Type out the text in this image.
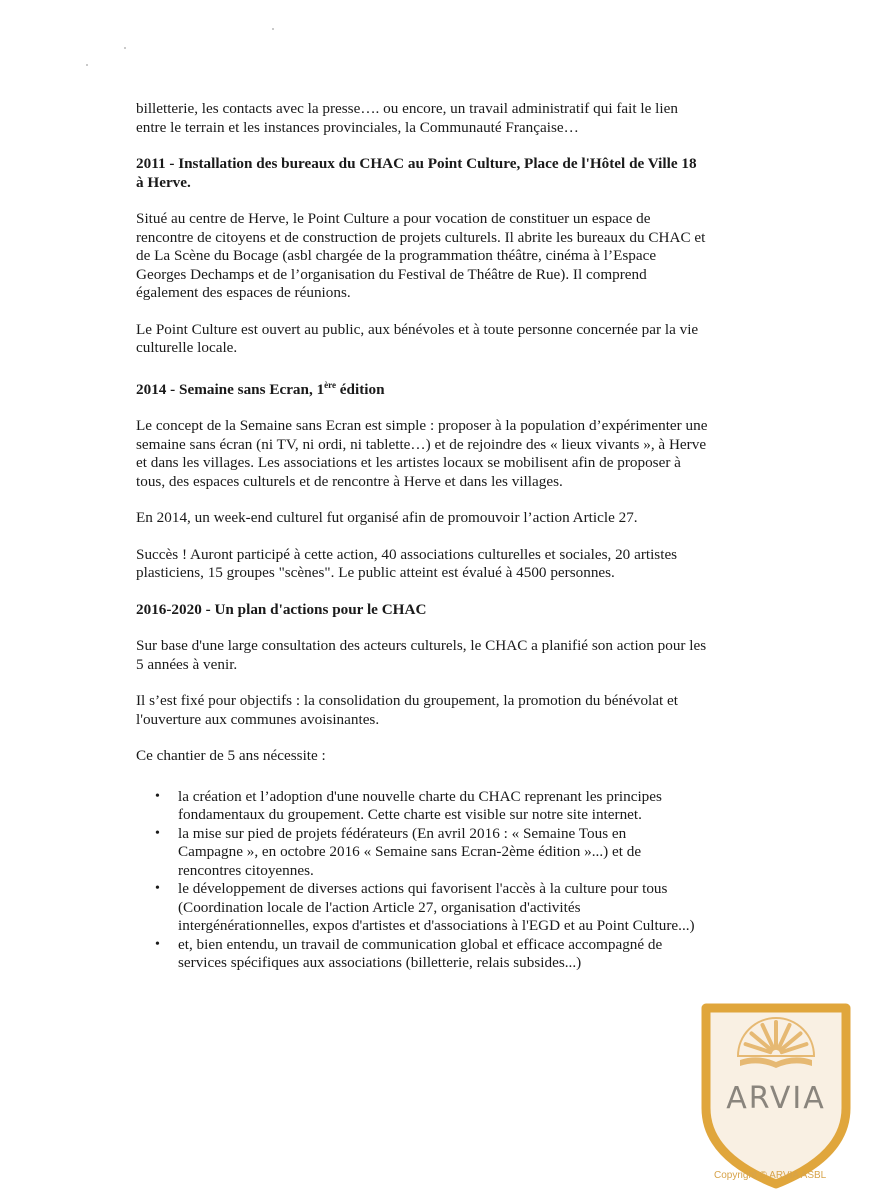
billetterie, les contacts avec la presse…. ou encore, un travail administratif qui fait le lien
entre le terrain et les instances provinciales, la Communauté Française…

2011 - Installation des bureaux du CHAC au Point Culture, Place de l'Hôtel de Ville 18
à Herve.

Situé au centre de Herve, le Point Culture a pour vocation de constituer un espace de
rencontre de citoyens et de construction de projets culturels. Il abrite les bureaux du CHAC et
de La Scène du Bocage (asbl chargée de la programmation théâtre, cinéma à l’Espace
Georges Dechamps et de l’organisation du Festival de Théâtre de Rue). Il comprend
également des espaces de réunions.

Le Point Culture est ouvert au public, aux bénévoles et à toute personne concernée par la vie
culturelle locale.

2014 - Semaine sans Ecran, 1ère édition

Le concept de la Semaine sans Ecran est simple : proposer à la population d’expérimenter une
semaine sans écran (ni TV, ni ordi, ni tablette…) et de rejoindre des « lieux vivants », à Herve
et dans les villages. Les associations et les artistes locaux se mobilisent afin de proposer à
tous, des espaces culturels et de rencontre à Herve et dans les villages.

En 2014, un week-end culturel fut organisé afin de promouvoir l’action Article 27.

Succès ! Auront participé à cette action, 40 associations culturelles et sociales, 20 artistes
plasticiens, 15 groupes "scènes". Le public atteint est évalué à 4500 personnes.

2016-2020 - Un plan d'actions pour le CHAC

Sur base d'une large consultation des acteurs culturels, le CHAC a planifié son action pour les
5 années à venir.

Il s’est fixé pour objectifs : la consolidation du groupement, la promotion du bénévolat et
l'ouverture aux communes avoisinantes.

Ce chantier de 5 ans nécessite :

• la création et l’adoption d'une nouvelle charte du CHAC reprenant les principes
fondamentaux du groupement. Cette charte est visible sur notre site internet.
• la mise sur pied de projets fédérateurs (En avril 2016 : « Semaine Tous en
Campagne », en octobre 2016 « Semaine sans Ecran-2ème édition »...) et de
rencontres citoyennes.
• le développement de diverses actions qui favorisent l'accès à la culture pour tous
(Coordination locale de l'action Article 27, organisation d'activités
intergénérationnelles, expos d'artistes et d'associations à l'EGD et au Point Culture...)
• et, bien entendu, un travail de communication global et efficace accompagné de
services spécifiques aux associations (billetterie, relais subsides...)
ARVIA
Copyright © ARVIA ASBL
